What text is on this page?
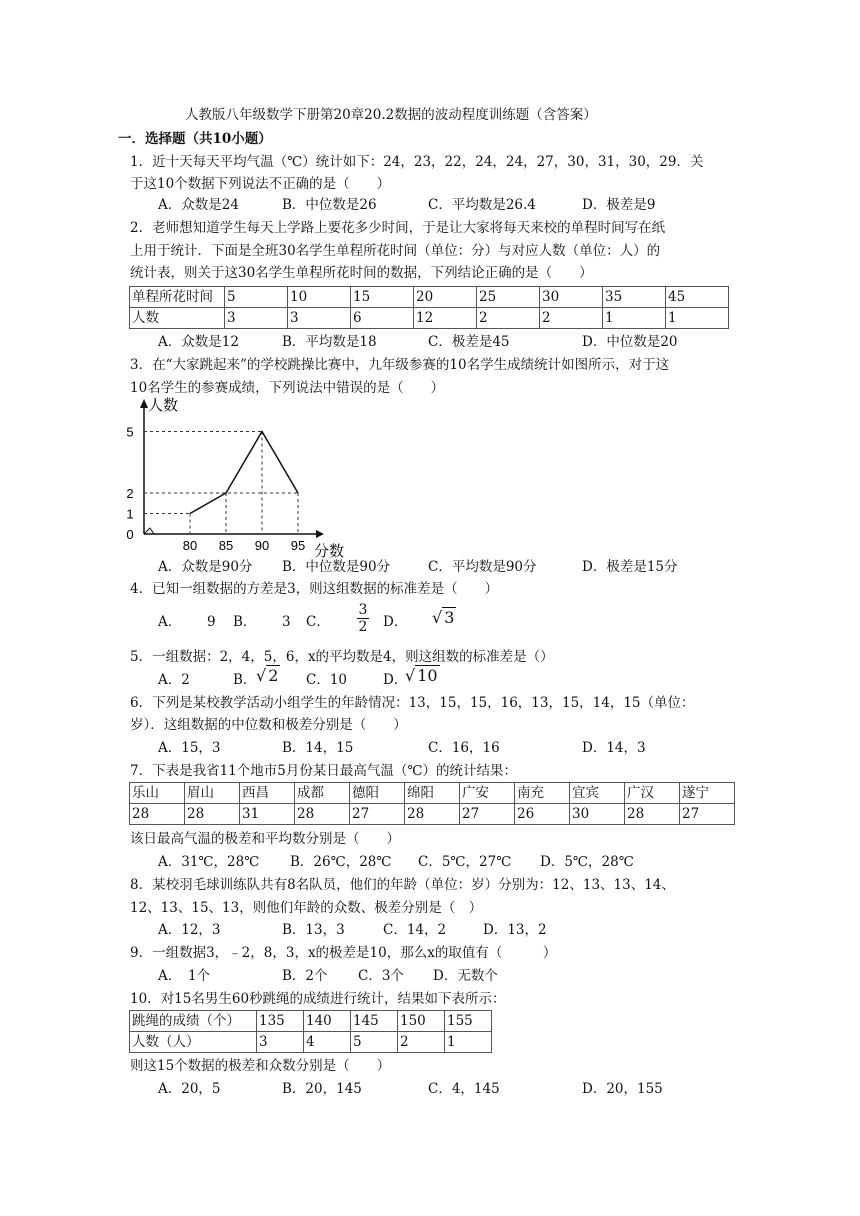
人教版八年级数学下册第20章20.2数据的波动程度训练题（含答案）
一．选择题（共10小题）
1．近十天每天平均气温（℃）统计如下：24，23，22，24，24，27，30，31，30，29．关
于这10个数据下列说法不正确的是（　　）
A．众数是24	B．中位数是26	C．平均数是26.4	D．极差是9
2．老师想知道学生每天上学路上要花多少时间，于是让大家将每天来校的单程时间写在纸
上用于统计．下面是全班30名学生单程所花时间（单位：分）与对应人数（单位：人）的
统计表，则关于这30名学生单程所花时间的数据，下列结论正确的是（　　）
单程所花时间	5	10	15	20	25	30	35	45
人数	3	3	6	12	2	2	1	1
A．众数是12	B．平均数是18	C．极差是45	D．中位数是20
3．在“大家跳起来”的学校跳操比赛中，九年级参赛的10名学生成绩统计如图所示，对于这
10名学生的参赛成绩，下列说法中错误的是（　　）
80 85 90 95
0
1
2
5
人数
分数
A．众数是90分 B．中位数是90分	C．平均数是90分	D．极差是15分
4．已知一组数据的方差是3，则这组数据的标准差是（　　）
A． 9 B． 3 C．
3
2 D． √ 3
5．一组数据：2，4，5，6，x的平均数是4，则这组数的标准差是（）
A．2	B． √ 2 C．10	D．
√ 10
6．下列是某校教学活动小组学生的年龄情况：13，15，15，16，13，15，14，15（单位：
岁）．这组数据的中位数和极差分别是（　　）
A．15，3	B．14，15	C．16，16	D．14，3
7．下表是我省11个地市5月份某日最高气温（℃）的统计结果：
乐山	眉山	西昌	成都	德阳	绵阳	广安	南充	宜宾	广汉	遂宁
28	28	31	28	27	28	27	26	30	28	27
该日最高气温的极差和平均数分别是（　　）
A．31℃，28℃ B．26℃，28℃ C．5℃，27℃ D．5℃，28℃
8．某校羽毛球训练队共有8名队员，他们的年龄（单位：岁）分别为：12、13、13、14、
12、13、15、13，则他们年龄的众数、极差分别是（　）
A．12，3	B．13，3	C．14，2	D．13，2
9．一组数据3，﹣2，8，3，x的极差是10，那么x的取值有（　　　）
A．　1个	B．2个 C．3个 D．无数个
10．对15名男生60秒跳绳的成绩进行统计，结果如下表所示：
跳绳的成绩（个）	135	140	145	150	155
人数（人）	3	4	5	2	1
则这15个数据的极差和众数分别是（　　）
A．20，5	B．20，145	C．4，145	D．20，155
